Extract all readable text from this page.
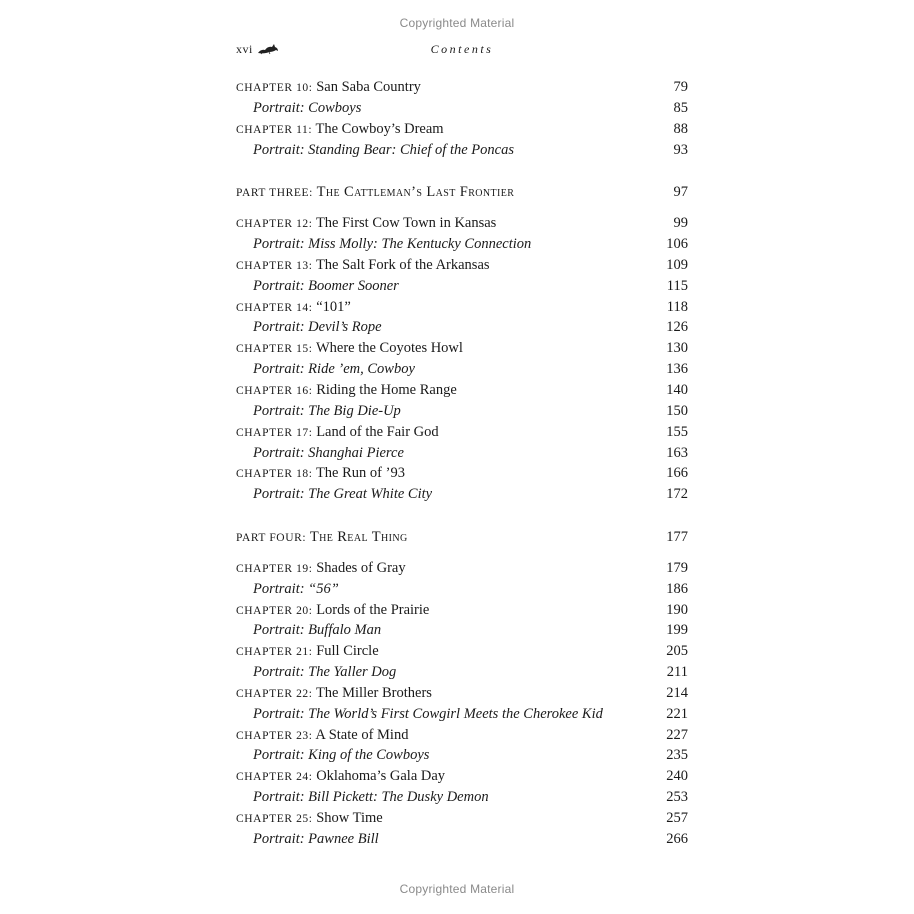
Copyrighted Material
xvi	Contents
CHAPTER 10: San Saba Country	79
Portrait: Cowboys	85
CHAPTER 11: The Cowboy’s Dream	88
Portrait: Standing Bear: Chief of the Poncas	93
PART THREE: The Cattleman’s Last Frontier	97
CHAPTER 12: The First Cow Town in Kansas	99
Portrait: Miss Molly: The Kentucky Connection	106
CHAPTER 13: The Salt Fork of the Arkansas	109
Portrait: Boomer Sooner	115
CHAPTER 14: “101”	118
Portrait: Devil’s Rope	126
CHAPTER 15: Where the Coyotes Howl	130
Portrait: Ride ’em, Cowboy	136
CHAPTER 16: Riding the Home Range	140
Portrait: The Big Die-Up	150
CHAPTER 17: Land of the Fair God	155
Portrait: Shanghai Pierce	163
CHAPTER 18: The Run of ’93	166
Portrait: The Great White City	172
PART FOUR: The Real Thing	177
CHAPTER 19: Shades of Gray	179
Portrait: “56”	186
CHAPTER 20: Lords of the Prairie	190
Portrait: Buffalo Man	199
CHAPTER 21: Full Circle	205
Portrait: The Yaller Dog	211
CHAPTER 22: The Miller Brothers	214
Portrait: The World’s First Cowgirl Meets the Cherokee Kid	221
CHAPTER 23: A State of Mind	227
Portrait: King of the Cowboys	235
CHAPTER 24: Oklahoma’s Gala Day	240
Portrait: Bill Pickett: The Dusky Demon	253
CHAPTER 25: Show Time	257
Portrait: Pawnee Bill	266
Copyrighted Material
